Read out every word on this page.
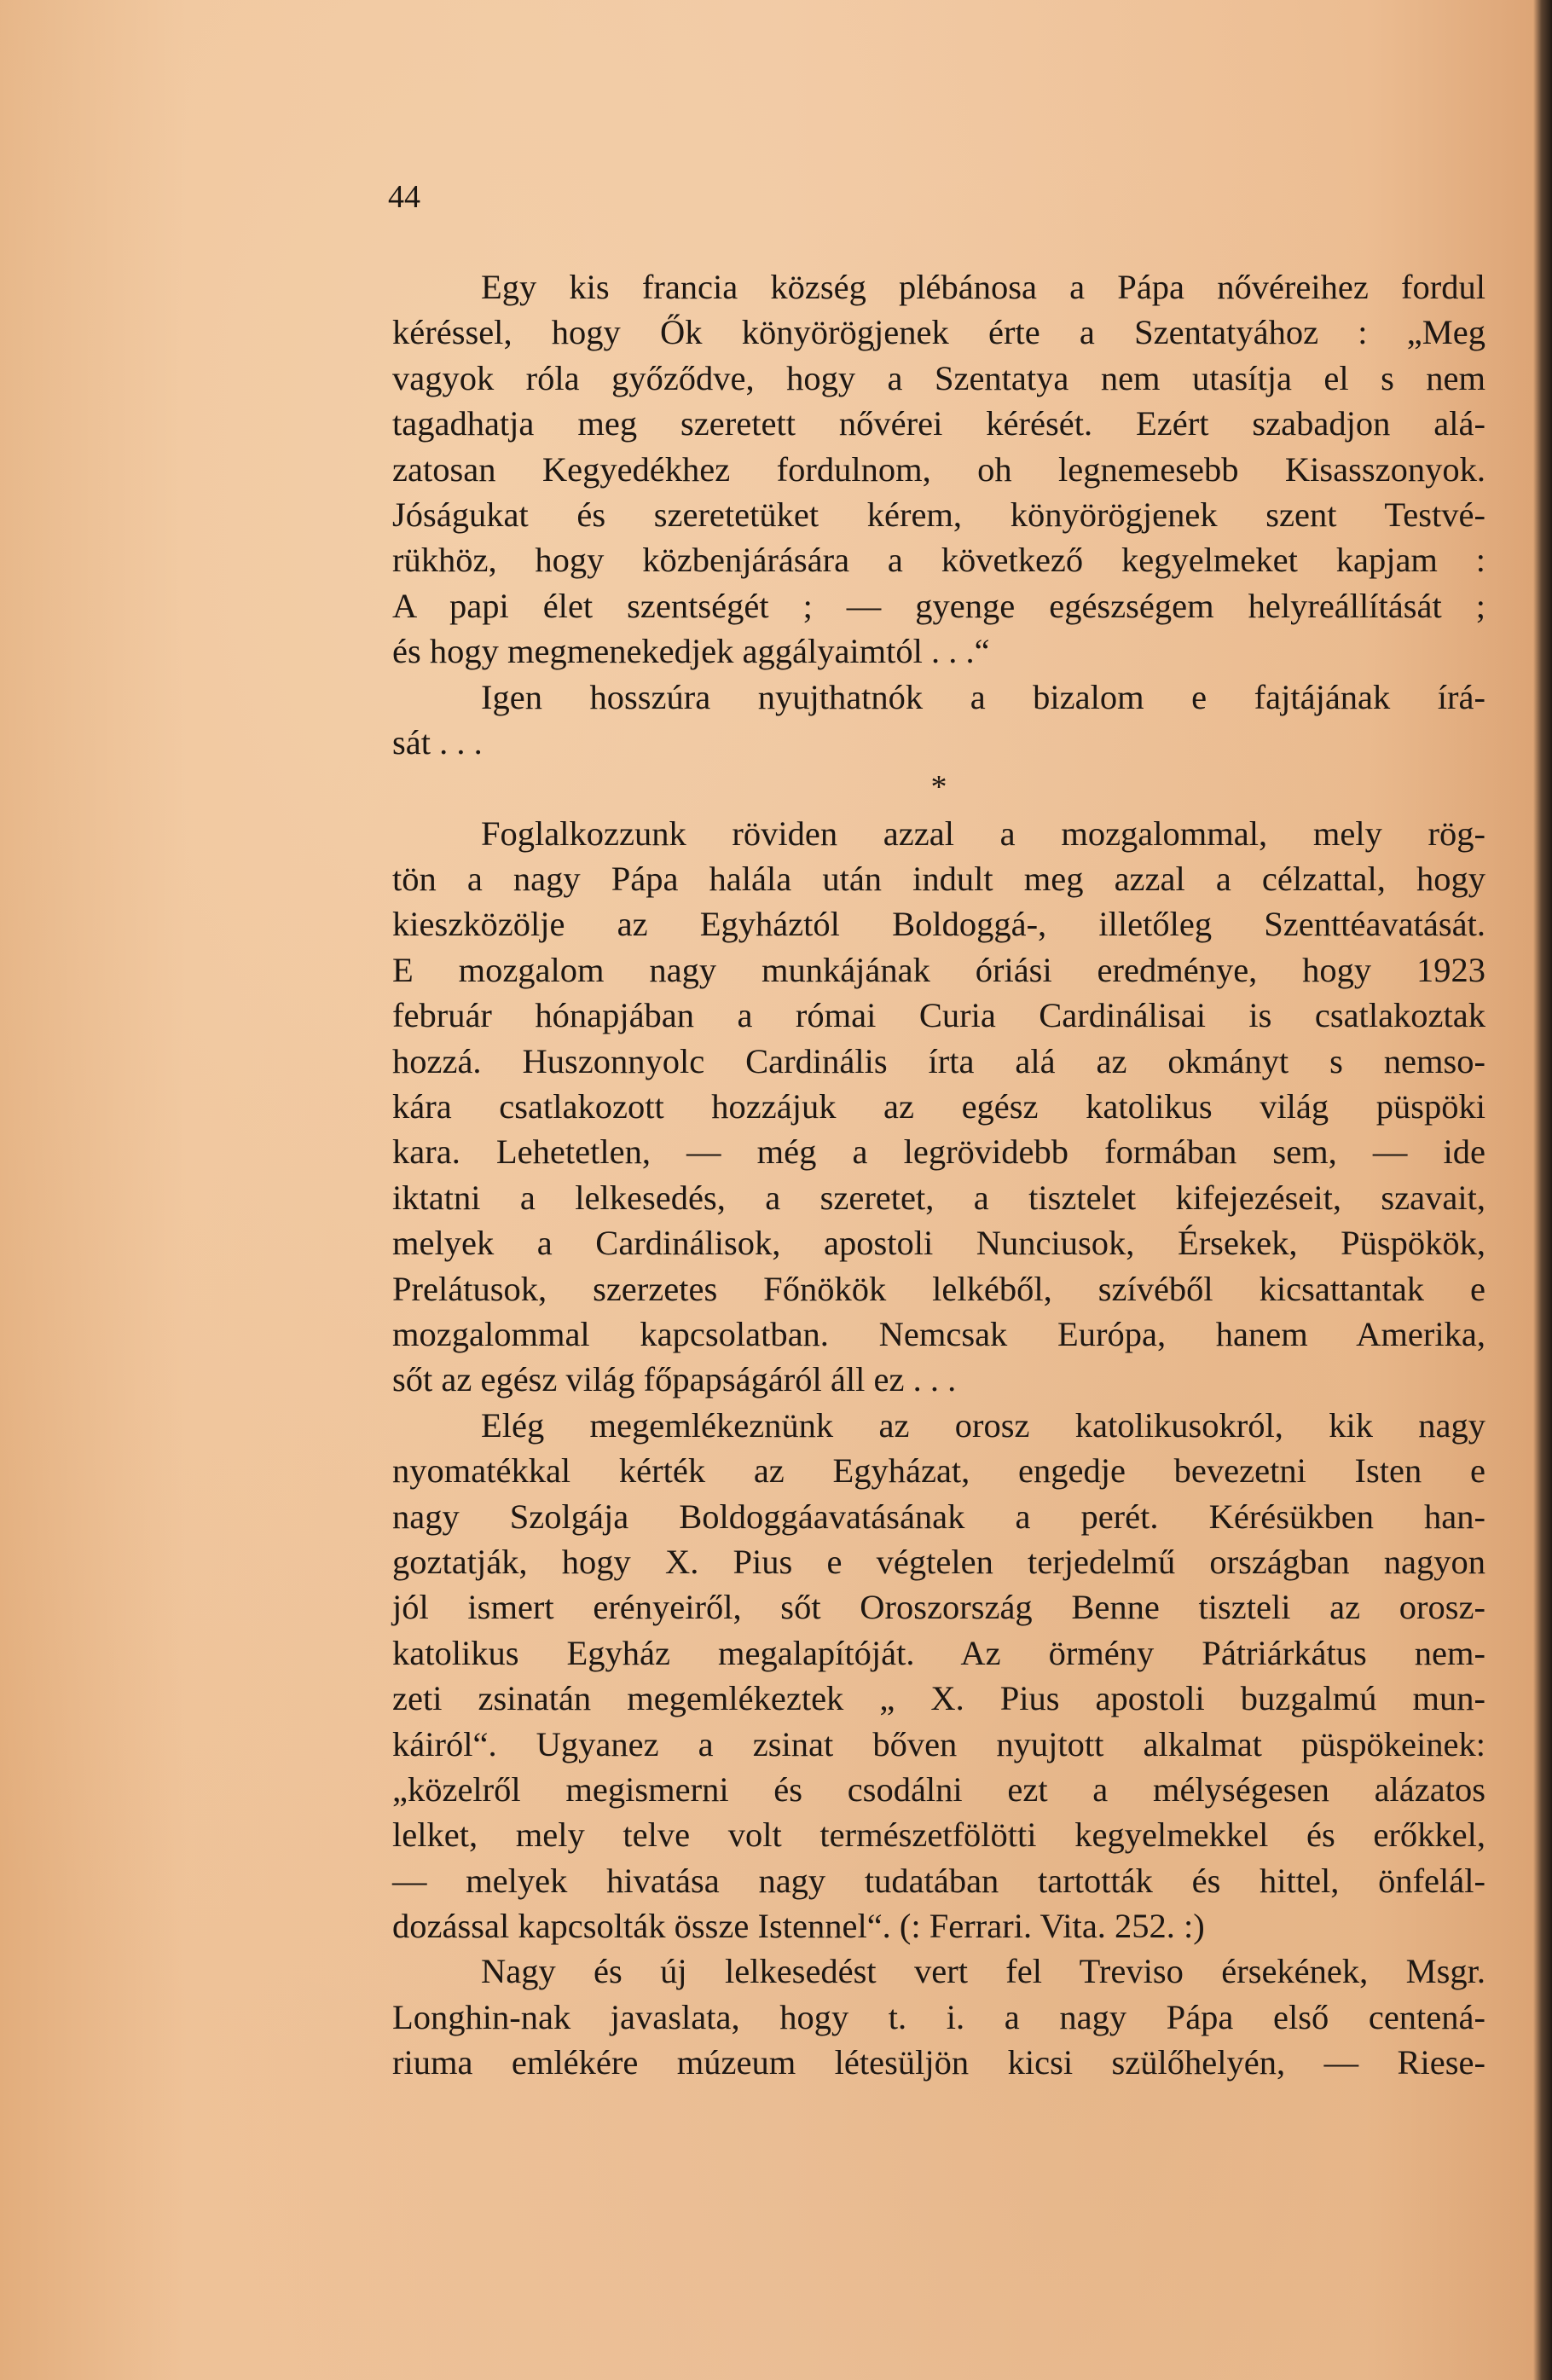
44
Egy kis francia község plébánosa a Pápa nővéreihez fordul
kéréssel, hogy Ők könyörögjenek érte a Szentatyához : „Meg
vagyok róla győződve, hogy a Szentatya nem utasítja el s nem
tagadhatja meg szeretett nővérei kérését. Ezért szabadjon alá-
zatosan Kegyedékhez fordulnom, oh legnemesebb Kisasszonyok.
Jóságukat és szeretetüket kérem, könyörögjenek szent Testvé-
rükhöz, hogy közbenjárására a következő kegyelmeket kapjam :
A papi élet szentségét ; — gyenge egészségem helyreállítását ;
és hogy megmenekedjek aggályaimtól . . .“
Igen hosszúra nyujthatnók a bizalom e fajtájának írá-
sát . . .
*
Foglalkozzunk röviden azzal a mozgalommal, mely rög-
tön a nagy Pápa halála után indult meg azzal a célzattal, hogy
kieszközölje az Egyháztól Boldoggá-, illetőleg Szenttéavatását.
E mozgalom nagy munkájának óriási eredménye, hogy 1923
február hónapjában a római Curia Cardinálisai is csatlakoztak
hozzá. Huszonnyolc Cardinális írta alá az okmányt s nemso-
kára csatlakozott hozzájuk az egész katolikus világ püspöki
kara. Lehetetlen, — még a legrövidebb formában sem, — ide
iktatni a lelkesedés, a szeretet, a tisztelet kifejezéseit, szavait,
melyek a Cardinálisok, apostoli Nunciusok, Érsekek, Püspökök,
Prelátusok, szerzetes Főnökök lelkéből, szívéből kicsattantak e
mozgalommal kapcsolatban. Nemcsak Európa, hanem Amerika,
sőt az egész világ főpapságáról áll ez . . .
Elég megemlékeznünk az orosz katolikusokról, kik nagy
nyomatékkal kérték az Egyházat, engedje bevezetni Isten e
nagy Szolgája Boldoggáavatásának a perét. Kérésükben han-
goztatják, hogy X. Pius e végtelen terjedelmű országban nagyon
jól ismert erényeiről, sőt Oroszország Benne tiszteli az orosz-
katolikus Egyház megalapítóját. Az örmény Pátriárkátus nem-
zeti zsinatán megemlékeztek „ X. Pius apostoli buzgalmú mun-
káiról“. Ugyanez a zsinat bőven nyujtott alkalmat püspökeinek:
„közelről megismerni és csodálni ezt a mélységesen alázatos
lelket, mely telve volt természetfölötti kegyelmekkel és erőkkel,
— melyek hivatása nagy tudatában tartották és hittel, önfelál-
dozással kapcsolták össze Istennel“. (: Ferrari. Vita. 252. :)
Nagy és új lelkesedést vert fel Treviso érsekének, Msgr.
Longhin-nak javaslata, hogy t. i. a nagy Pápa első centená-
riuma emlékére múzeum létesüljön kicsi szülőhelyén, — Riese-
